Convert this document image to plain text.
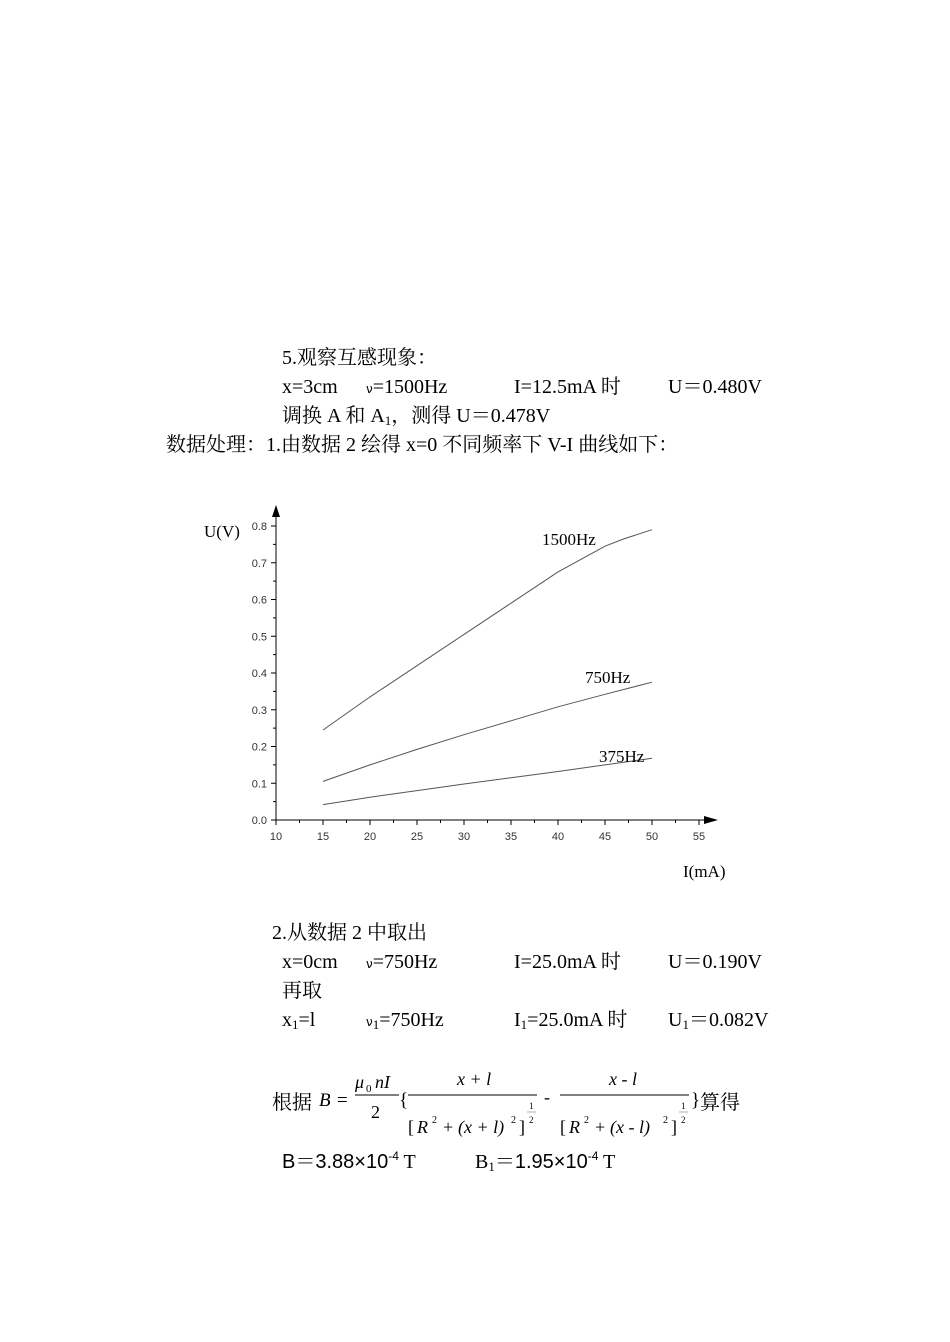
5.观察互感现象：
x=3cm ν=1500Hz	I=12.5mA 时 U＝0.480V
调换 A 和 $A_1$，测得 U＝0.478V
数据处理：1.由数据 2 绘得 x=0 不同频率下 V-I 曲线如下：
0.0
0.1
0.2
0.3
0.4
0.5
0.6
0.7
0.8
10	15	20	25	30	35	40	45	50	55
U(V)
I(mA)
1500Hz
750Hz
375Hz
2.从数据 2 中取出
x=0cm ν=750Hz	I=25.0mA 时 U＝0.190V
再取
$x_1=l$	$\nu_1=750Hz$	$I_1=25.0mA$ 时 $U_1=0.082V$
根据 B =
μ 0 nI
2
{
x + l
[ R 2 + (x + l) 2 ]
1
2
-
x - l
[ R 2 + (x - l) 2 ]
1
2
} 算得
$B=3.88\times 10^{-4}$ T	$B_1=1.95\times 10^{-4}$ T
